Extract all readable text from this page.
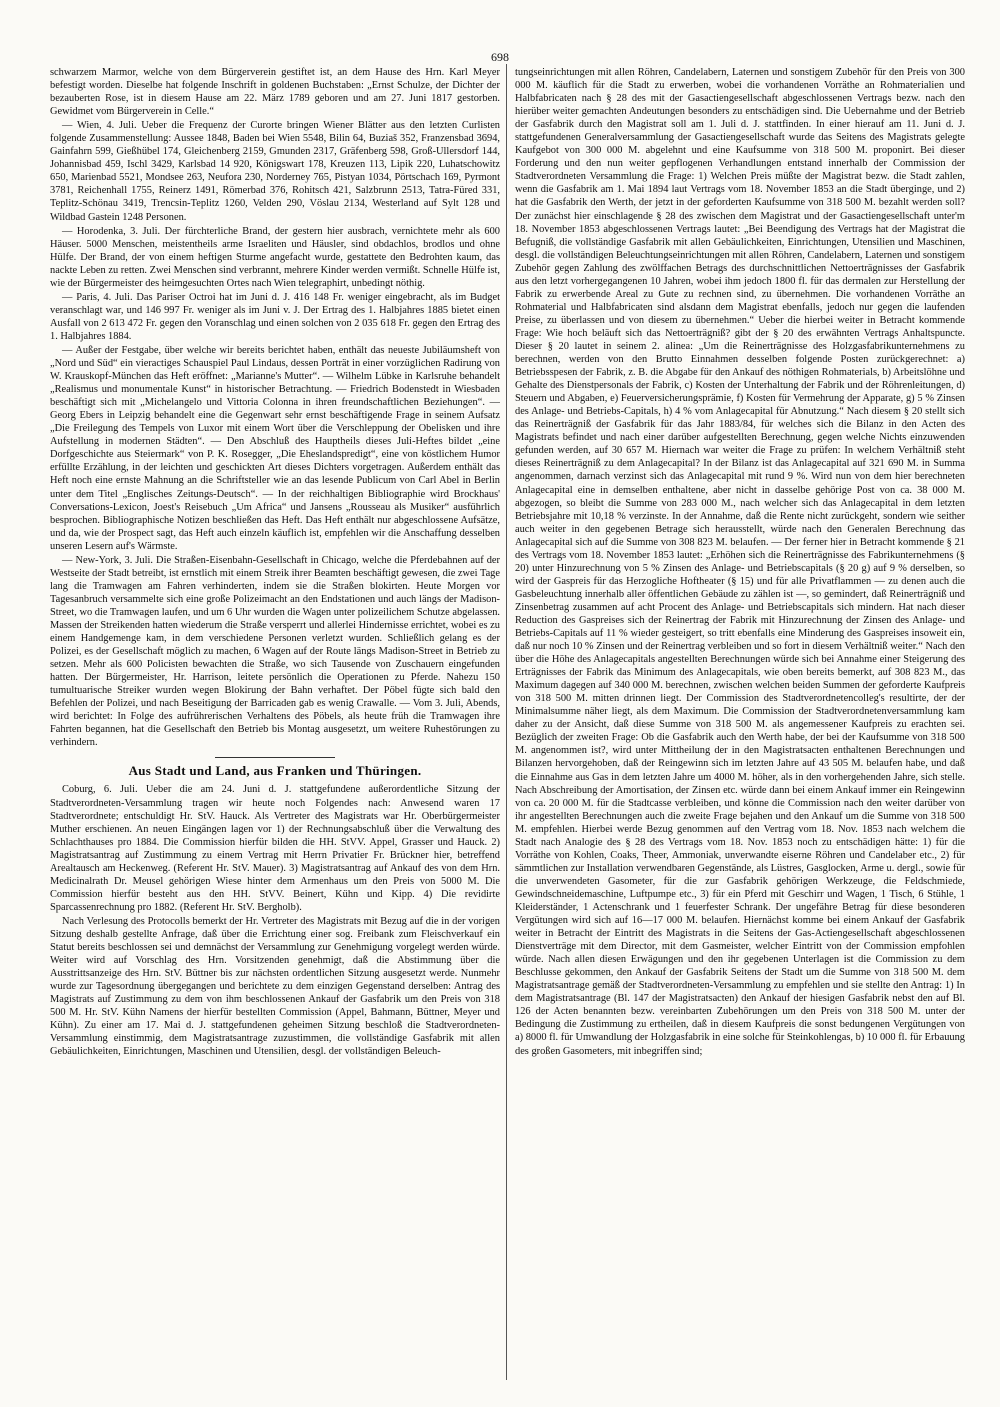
698

schwarzem Marmor, welche von dem Bürgerverein gestiftet ist, an dem Hause des Hrn. Karl Meyer befestigt worden. Dieselbe hat folgende Inschrift in goldenen Buchstaben: „Ernst Schulze, der Dichter der bezauberten Rose, ist in diesem Hause am 22. März 1789 geboren und am 27. Juni 1817 gestorben. Gewidmet vom Bürgerverein in Celle.“

— Wien, 4. Juli. Ueber die Frequenz der Curorte bringen Wiener Blätter aus den letzten Curlisten folgende Zusammenstellung: Aussee 1848, Baden bei Wien 5548, Bilin 64, Buziaš 352, Franzensbad 3694, Gainfahrn 599, Gießhübel 174, Gleichenberg 2159, Gmunden 2317, Gräfenberg 598, Groß-Ullersdorf 144, Johannisbad 459, Ischl 3429, Karlsbad 14 920, Königswart 178, Kreuzen 113, Lipik 220, Luhatschowitz 650, Marienbad 5521, Mondsee 263, Neufora 230, Norderney 765, Pistyan 1034, Pörtschach 169, Pyrmont 3781, Reichenhall 1755, Reinerz 1491, Römerbad 376, Rohitsch 421, Salzbrunn 2513, Tatra-Füred 331, Teplitz-Schönau 3419, Trencsin-Teplitz 1260, Velden 290, Vöslau 2134, Westerland auf Sylt 128 und Wildbad Gastein 1248 Personen.

— Horodenka, 3. Juli. Der fürchterliche Brand, der gestern hier ausbrach, vernichtete mehr als 600 Häuser. 5000 Menschen, meistentheils arme Israeliten und Häusler, sind obdachlos, brodlos und ohne Hülfe. Der Brand, der von einem heftigen Sturme angefacht wurde, gestattete den Bedrohten kaum, das nackte Leben zu retten. Zwei Menschen sind verbrannt, mehrere Kinder werden vermißt. Schnelle Hülfe ist, wie der Bürgermeister des heimgesuchten Ortes nach Wien telegraphirt, unbedingt nöthig.

— Paris, 4. Juli. Das Pariser Octroi hat im Juni d. J. 416 148 Fr. weniger eingebracht, als im Budget veranschlagt war, und 146 997 Fr. weniger als im Juni v. J. Der Ertrag des 1. Halbjahres 1885 bietet einen Ausfall von 2 613 472 Fr. gegen den Voranschlag und einen solchen von 2 035 618 Fr. gegen den Ertrag des 1. Halbjahres 1884.

— Außer der Festgabe, über welche wir bereits berichtet haben, enthält das neueste Jubiläumsheft von „Nord und Süd“ ein vieractiges Schauspiel Paul Lindaus, dessen Porträt in einer vorzüglichen Radirung von W. Krauskopf-München das Heft eröffnet: „Marianne's Mutter“. — Wilhelm Lübke in Karlsruhe behandelt „Realismus und monumentale Kunst“ in historischer Betrachtung. — Friedrich Bodenstedt in Wiesbaden beschäftigt sich mit „Michelangelo und Vittoria Colonna in ihren freundschaftlichen Beziehungen“. — Georg Ebers in Leipzig behandelt eine die Gegenwart sehr ernst beschäftigende Frage in seinem Aufsatz „Die Freilegung des Tempels von Luxor mit einem Wort über die Verschleppung der Obelisken und ihre Aufstellung in modernen Städten“. — Den Abschluß des Hauptheils dieses Juli-Heftes bildet „eine Dorfgeschichte aus Steiermark“ von P. K. Rosegger, „Die Eheslandspredigt“, eine von köstlichem Humor erfüllte Erzählung, in der leichten und geschickten Art dieses Dichters vorgetragen. Außerdem enthält das Heft noch eine ernste Mahnung an die Schriftsteller wie an das lesende Publicum von Carl Abel in Berlin unter dem Titel „Englisches Zeitungs-Deutsch“. — In der reichhaltigen Bibliographie wird Brockhaus' Conversations-Lexicon, Joest's Reisebuch „Um Africa“ und Jansens „Rousseau als Musiker“ ausführlich besprochen. Bibliographische Notizen beschließen das Heft. Das Heft enthält nur abgeschlossene Aufsätze, und da, wie der Prospect sagt, das Heft auch einzeln käuflich ist, empfehlen wir die Anschaffung desselben unseren Lesern auf's Wärmste.

— New-York, 3. Juli. Die Straßen-Eisenbahn-Gesellschaft in Chicago, welche die Pferdebahnen auf der Westseite der Stadt betreibt, ist ernstlich mit einem Streik ihrer Beamten beschäftigt gewesen, die zwei Tage lang die Tramwagen am Fahren verhinderten, indem sie die Straßen blokirten. Heute Morgen vor Tagesanbruch versammelte sich eine große Polizeimacht an den Endstationen und auch längs der Madison-Street, wo die Tramwagen laufen, und um 6 Uhr wurden die Wagen unter polizeilichem Schutze abgelassen. Massen der Streikenden hatten wiederum die Straße versperrt und allerlei Hindernisse errichtet, wobei es zu einem Handgemenge kam, in dem verschiedene Personen verletzt wurden. Schließlich gelang es der Polizei, es der Gesellschaft möglich zu machen, 6 Wagen auf der Route längs Madison-Street in Betrieb zu setzen. Mehr als 600 Policisten bewachten die Straße, wo sich Tausende von Zuschauern eingefunden hatten. Der Bürgermeister, Hr. Harrison, leitete persönlich die Operationen zu Pferde. Nahezu 150 tumultuarische Streiker wurden wegen Blokirung der Bahn verhaftet. Der Pöbel fügte sich bald den Befehlen der Polizei, und nach Beseitigung der Barricaden gab es wenig Crawalle. — Vom 3. Juli, Abends, wird berichtet: In Folge des aufrührerischen Verhaltens des Pöbels, als heute früh die Tramwagen ihre Fahrten begannen, hat die Gesellschaft den Betrieb bis Montag ausgesetzt, um weitere Ruhestörungen zu verhindern.

Aus Stadt und Land, aus Franken und Thüringen.

Coburg, 6. Juli. Ueber die am 24. Juni d. J. stattgefundene außerordentliche Sitzung der Stadtverordneten-Versammlung tragen wir heute noch Folgendes nach: Anwesend waren 17 Stadtverordnete; entschuldigt Hr. StV. Hauck. Als Vertreter des Magistrats war Hr. Oberbürgermeister Muther erschienen. An neuen Eingängen lagen vor 1) der Rechnungsabschluß über die Verwaltung des Schlachthauses pro 1884. Die Commission hierfür bilden die HH. StVV. Appel, Grasser und Hauck. 2) Magistratsantrag auf Zustimmung zu einem Vertrag mit Herrn Privatier Fr. Brückner hier, betreffend Arealtausch am Heckenweg. (Referent Hr. StV. Mauer). 3) Magistratsantrag auf Ankauf des von dem Hrn. Medicinalrath Dr. Meusel gehörigen Wiese hinter dem Armenhaus um den Preis von 5000 M. Die Commission hierfür besteht aus den HH. StVV. Beinert, Kühn und Kipp. 4) Die revidirte Sparcassenrechnung pro 1882. (Referent Hr. StV. Bergholb).

Nach Verlesung des Protocolls bemerkt der Hr. Vertreter des Magistrats mit Bezug auf die in der vorigen Sitzung deshalb gestellte Anfrage, daß über die Errichtung einer sog. Freibank zum Fleischverkauf ein Statut bereits beschlossen sei und demnächst der Versammlung zur Genehmigung vorgelegt werden würde. Weiter wird auf Vorschlag des Hrn. Vorsitzenden genehmigt, daß die Abstimmung über die Ausstrittsanzeige des Hrn. StV. Büttner bis zur nächsten ordentlichen Sitzung ausgesetzt werde. Nunmehr wurde zur Tagesordnung übergegangen und berichtete zu dem einzigen Gegenstand derselben: Antrag des Magistrats auf Zustimmung zu dem von ihm beschlossenen Ankauf der Gasfabrik um den Preis von 318 500 M. Hr. StV. Kühn Namens der hierfür bestellten Commission (Appel, Bahmann, Büttner, Meyer und Kühn). Zu einer am 17. Mai d. J. stattgefundenen geheimen Sitzung beschloß die Stadtverordneten-Versammlung einstimmig, dem Magistratsantrage zuzustimmen, die vollständige Gasfabrik mit allen Gebäulichkeiten, Einrichtungen, Maschinen und Utensilien, desgl. der vollständigen Beleuch-

tungseinrichtungen mit allen Röhren, Candelabern, Laternen und sonstigem Zubehör für den Preis von 300 000 M. käuflich für die Stadt zu erwerben, wobei die vorhandenen Vorräthe an Rohmaterialien und Halbfabricaten nach § 28 des mit der Gasactiengesellschaft abgeschlossenen Vertrags bezw. nach den hierüber weiter gemachten Andeutungen besonders zu entschädigen sind. Die Uebernahme und der Betrieb der Gasfabrik durch den Magistrat soll am 1. Juli d. J. stattfinden. In einer hierauf am 11. Juni d. J. stattgefundenen Generalversammlung der Gasactiengesellschaft wurde das Seitens des Magistrats gelegte Kaufgebot von 300 000 M. abgelehnt und eine Kaufsumme von 318 500 M. proponirt. Bei dieser Forderung und den nun weiter gepflogenen Verhandlungen entstand innerhalb der Commission der Stadtverordneten Versammlung die Frage: 1) Welchen Preis müßte der Magistrat bezw. die Stadt zahlen, wenn die Gasfabrik am 1. Mai 1894 laut Vertrags vom 18. November 1853 an die Stadt überginge, und 2) hat die Gasfabrik den Werth, der jetzt in der geforderten Kaufsumme von 318 500 M. bezahlt werden soll? Der zunächst hier einschlagende § 28 des zwischen dem Magistrat und der Gasactiengesellschaft unter'm 18. November 1853 abgeschlossenen Vertrags lautet: „Bei Beendigung des Vertrags hat der Magistrat die Befugniß, die vollständige Gasfabrik mit allen Gebäulichkeiten, Einrichtungen, Utensilien und Maschinen, desgl. die vollständigen Beleuchtungseinrichtungen mit allen Röhren, Candelabern, Laternen und sonstigem Zubehör gegen Zahlung des zwölffachen Betrags des durchschnittlichen Nettoerträgnisses der Gasfabrik aus den letzt vorhergegangenen 10 Jahren, wobei ihm jedoch 1800 fl. für das dermalen zur Herstellung der Fabrik zu erwerbende Areal zu Gute zu rechnen sind, zu übernehmen. Die vorhandenen Vorräthe an Rohmaterial und Halbfabricaten sind alsdann dem Magistrat ebenfalls, jedoch nur gegen die laufenden Preise, zu überlassen und von diesem zu übernehmen.“ Ueber die hierbei weiter in Betracht kommende Frage: Wie hoch beläuft sich das Nettoerträgniß? gibt der § 20 des erwähnten Vertrags Anhaltspuncte. Dieser § 20 lautet in seinem 2. alinea: „Um die Reinerträgnisse des Holzgasfabrikunternehmens zu berechnen, werden von den Brutto Einnahmen desselben folgende Posten zurückgerechnet: a) Betriebsspesen der Fabrik, z. B. die Abgabe für den Ankauf des nöthigen Rohmaterials, b) Arbeitslöhne und Gehalte des Dienstpersonals der Fabrik, c) Kosten der Unterhaltung der Fabrik und der Röhrenleitungen, d) Steuern und Abgaben, e) Feuerversicherungsprämie, f) Kosten für Vermehrung der Apparate, g) 5 % Zinsen des Anlage- und Betriebs-Capitals, h) 4 % vom Anlagecapital für Abnutzung.“ Nach diesem § 20 stellt sich das Reinerträgniß der Gasfabrik für das Jahr 1883/84, für welches sich die Bilanz in den Acten des Magistrats befindet und nach einer darüber aufgestellten Berechnung, gegen welche Nichts einzuwenden gefunden werden, auf 30 657 M. Hiernach war weiter die Frage zu prüfen: In welchem Verhältniß steht dieses Reinerträgniß zu dem Anlagecapital? In der Bilanz ist das Anlagecapital auf 321 690 M. in Summa angenommen, darnach verzinst sich das Anlagecapital mit rund 9 %. Wird nun von dem hier berechneten Anlagecapital eine in demselben enthaltene, aber nicht in dasselbe gehörige Post von ca. 38 000 M. abgezogen, so bleibt die Summe von 283 000 M., nach welcher sich das Anlagecapital in dem letzten Betriebsjahre mit 10,18 % verzinste. In der Annahme, daß die Rente nicht zurückgeht, sondern wie seither auch weiter in den gegebenen Betrage sich herausstellt, würde nach den Generalen Berechnung das Anlagecapital sich auf die Summe von 308 823 M. belaufen. — Der ferner hier in Betracht kommende § 21 des Vertrags vom 18. November 1853 lautet: „Erhöhen sich die Reinerträgnisse des Fabrikunternehmens (§ 20) unter Hinzurechnung von 5 % Zinsen des Anlage- und Betriebscapitals (§ 20 g) auf 9 % derselben, so wird der Gaspreis für das Herzogliche Hoftheater (§ 15) und für alle Privatflammen — zu denen auch die Gasbeleuchtung innerhalb aller öffentlichen Gebäude zu zählen ist —, so gemindert, daß Reinerträgniß und Zinsenbetrag zusammen auf acht Procent des Anlage- und Betriebscapitals sich mindern. Hat nach dieser Reduction des Gaspreises sich der Reinertrag der Fabrik mit Hinzurechnung der Zinsen des Anlage- und Betriebs-Capitals auf 11 % wieder gesteigert, so tritt ebenfalls eine Minderung des Gaspreises insoweit ein, daß nur noch 10 % Zinsen und der Reinertrag verbleiben und so fort in diesem Verhältniß weiter.“ Nach den über die Höhe des Anlagecapitals angestellten Berechnungen würde sich bei Annahme einer Steigerung des Erträgnisses der Fabrik das Minimum des Anlagecapitals, wie oben bereits bemerkt, auf 308 823 M., das Maximum dagegen auf 340 000 M. berechnen, zwischen welchen beiden Summen der geforderte Kaufpreis von 318 500 M. mitten drinnen liegt. Der Commission des Stadtverordnetencolleg's resultirte, der der Minimalsumme näher liegt, als dem Maximum. Die Commission der Stadtverordnetenversammlung kam daher zu der Ansicht, daß diese Summe von 318 500 M. als angemessener Kaufpreis zu erachten sei. Bezüglich der zweiten Frage: Ob die Gasfabrik auch den Werth habe, der bei der Kaufsumme von 318 500 M. angenommen ist?, wird unter Mittheilung der in den Magistratsacten enthaltenen Berechnungen und Bilanzen hervorgehoben, daß der Reingewinn sich im letzten Jahre auf 43 505 M. belaufen habe, und daß die Einnahme aus Gas in dem letzten Jahre um 4000 M. höher, als in den vorhergehenden Jahre, sich stelle. Nach Abschreibung der Amortisation, der Zinsen etc. würde dann bei einem Ankauf immer ein Reingewinn von ca. 20 000 M. für die Stadtcasse verbleiben, und könne die Commission nach den weiter darüber von ihr angestellten Berechnungen auch die zweite Frage bejahen und den Ankauf um die Summe von 318 500 M. empfehlen. Hierbei werde Bezug genommen auf den Vertrag vom 18. Nov. 1853 nach welchem die Stadt nach Analogie des § 28 des Vertrags vom 18. Nov. 1853 noch zu entschädigen hätte: 1) für die Vorräthe von Kohlen, Coaks, Theer, Ammoniak, unverwandte eiserne Röhren und Candelaber etc., 2) für sämmtlichen zur Installation verwendbaren Gegenstände, als Lüstres, Gasglocken, Arme u. dergl., sowie für die unverwendeten Gasometer, für die zur Gasfabrik gehörigen Werkzeuge, die Feldschmiede, Gewindschneidemaschine, Luftpumpe etc., 3) für ein Pferd mit Geschirr und Wagen, 1 Tisch, 6 Stühle, 1 Kleiderständer, 1 Actenschrank und 1 feuerfester Schrank. Der ungefähre Betrag für diese besonderen Vergütungen wird sich auf 16—17 000 M. belaufen. Hiernächst komme bei einem Ankauf der Gasfabrik weiter in Betracht der Eintritt des Magistrats in die Seitens der Gas-Actiengesellschaft abgeschlossenen Dienstverträge mit dem Director, mit dem Gasmeister, welcher Eintritt von der Commission empfohlen würde. Nach allen diesen Erwägungen und den ihr gegebenen Unterlagen ist die Commission zu dem Beschlusse gekommen, den Ankauf der Gasfabrik Seitens der Stadt um die Summe von 318 500 M. dem Magistratsantrage gemäß der Stadtverordneten-Versammlung zu empfehlen und sie stellte den Antrag: 1) In dem Magistratsantrage (Bl. 147 der Magistratsacten) den Ankauf der hiesigen Gasfabrik nebst den auf Bl. 126 der Acten benannten bezw. vereinbarten Zubehörungen um den Preis von 318 500 M. unter der Bedingung die Zustimmung zu ertheilen, daß in diesem Kaufpreis die sonst bedungenen Vergütungen von a) 8000 fl. für Umwandlung der Holzgasfabrik in eine solche für Steinkohlengas, b) 10 000 fl. für Erbauung des großen Gasometers, mit inbegriffen sind;
